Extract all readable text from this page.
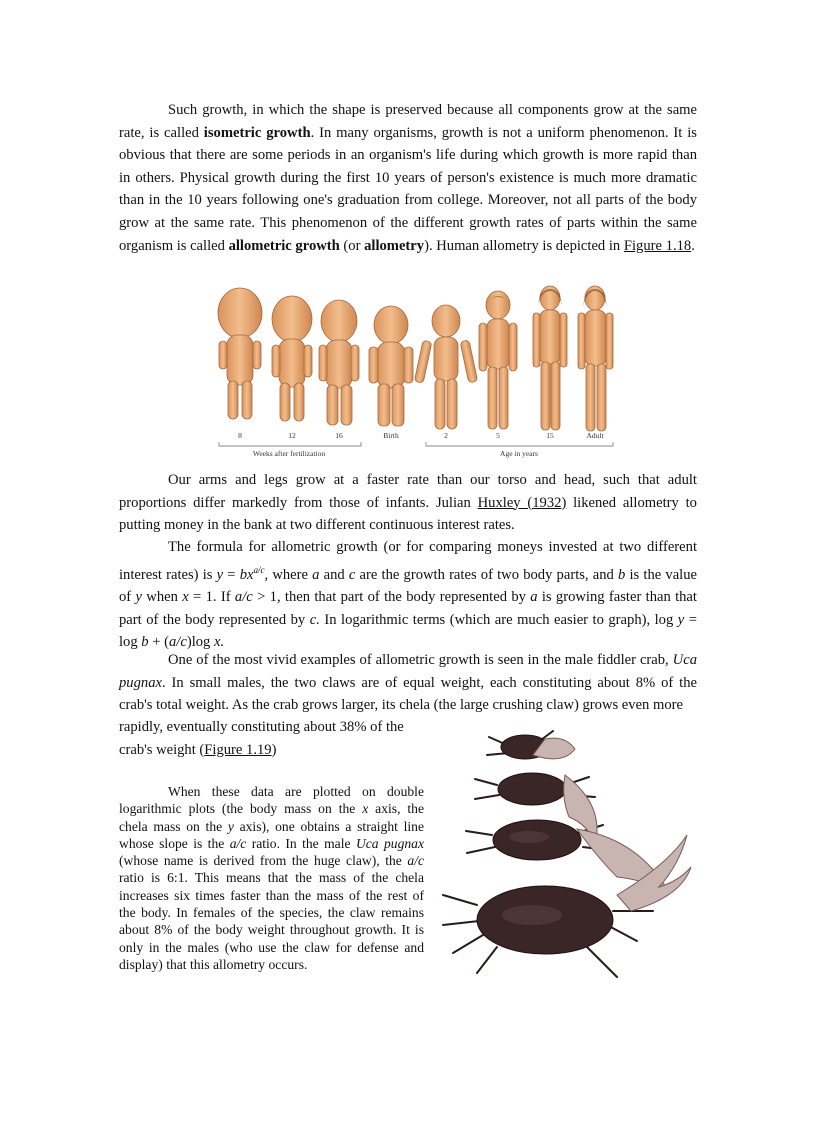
Such growth, in which the shape is preserved because all components grow at the same rate, is called isometric growth. In many organisms, growth is not a uniform phenomenon. It is obvious that there are some periods in an organism's life during which growth is more rapid than in others. Physical growth during the first 10 years of person's existence is much more dramatic than in the 10 years following one's graduation from college. Moreover, not all parts of the body grow at the same rate. This phenomenon of the different growth rates of parts within the same organism is called allometric growth (or allometry). Human allometry is depicted in Figure 1.18.

8	12	16	Birth	2	5	15	Adult
Weeks after fertilization	Age in years

Our arms and legs grow at a faster rate than our torso and head, such that adult proportions differ markedly from those of infants. Julian Huxley (1932) likened allometry to putting money in the bank at two different continuous interest rates.

The formula for allometric growth (or for comparing moneys invested at two different interest rates) is $y = bx^{a/c}$, where a and c are the growth rates of two body parts, and b is the value of y when x = 1. If a/c > 1, then that part of the body represented by a is growing faster than that part of the body represented by c. In logarithmic terms (which are much easier to graph), log y = log b + (a/c)log x.

One of the most vivid examples of allometric growth is seen in the male fiddler crab, Uca pugnax. In small males, the two claws are of equal weight, each constituting about 8% of the crab's total weight. As the crab grows larger, its chela (the large crushing claw) grows even more

rapidly, eventually constituting about 38% of the crab's weight (Figure 1.19)

When these data are plotted on double logarithmic plots (the body mass on the x axis, the chela mass on the y axis), one obtains a straight line whose slope is the a/c ratio. In the male Uca pugnax (whose name is derived from the huge claw), the a/c ratio is 6:1. This means that the mass of the chela increases six times faster than the mass of the rest of the body. In females of the species, the claw remains about 8% of the body weight throughout growth. It is only in the males (who use the claw for defense and display) that this allometry occurs.
